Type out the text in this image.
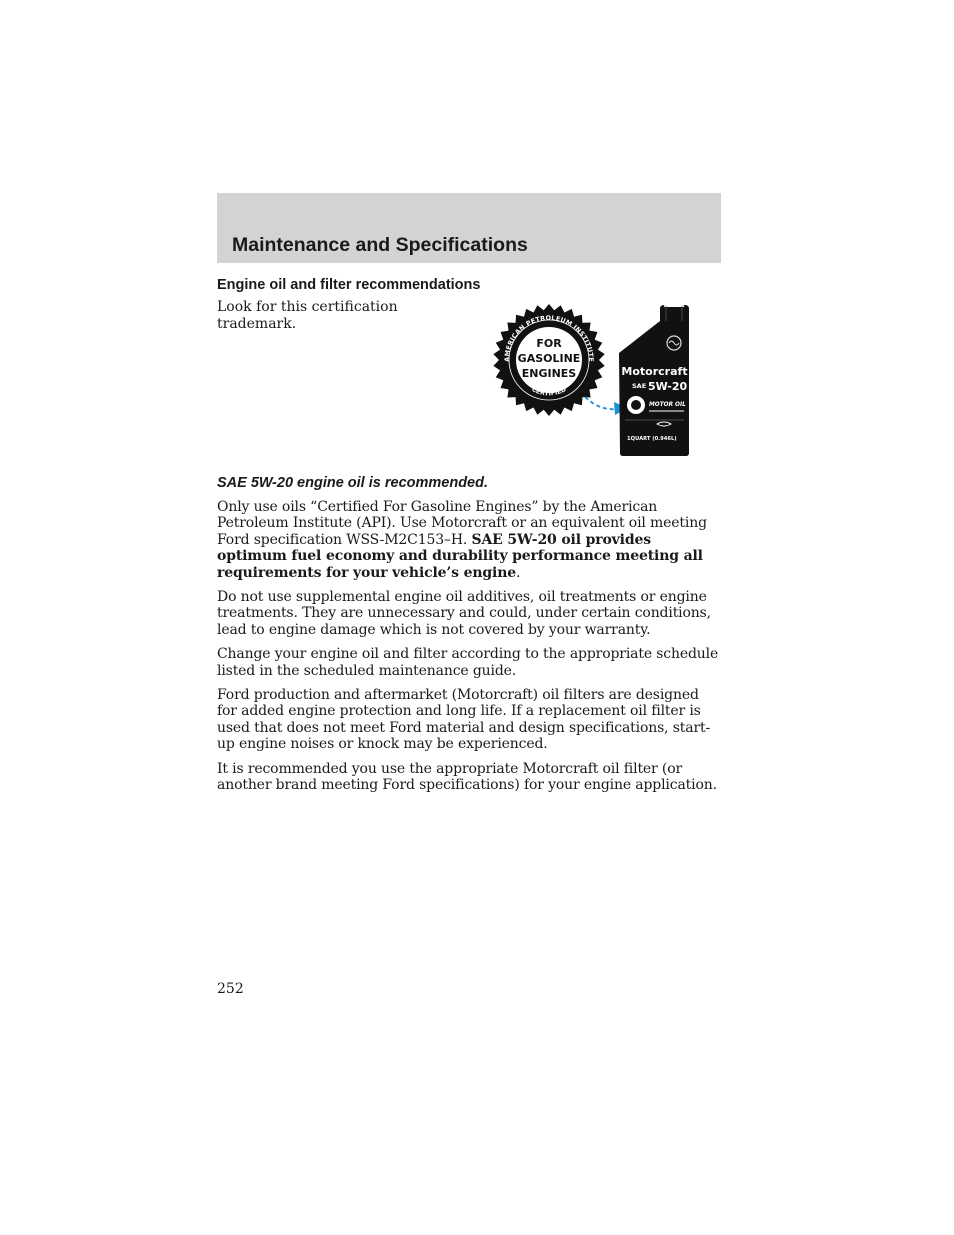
Maintenance and Specifications
Engine oil and filter recommendations

Look for this certification trademark.

AMERICAN PETROLEUM INSTITUTE
CERTIFIED
FOR
GASOLINE
ENGINES	Motorcraft
SAE 5W-20
MOTOR OIL
1QUART (0.946L)

SAE 5W-20 engine oil is recommended.

Only use oils “Certified For Gasoline Engines” by the American Petroleum Institute (API). Use Motorcraft or an equivalent oil meeting Ford specification WSS-M2C153–H. SAE 5W-20 oil provides optimum fuel economy and durability performance meeting all requirements for your vehicle’s engine.

Do not use supplemental engine oil additives, oil treatments or engine treatments. They are unnecessary and could, under certain conditions, lead to engine damage which is not covered by your warranty.

Change your engine oil and filter according to the appropriate schedule listed in the scheduled maintenance guide.

Ford production and aftermarket (Motorcraft) oil filters are designed for added engine protection and long life. If a replacement oil filter is used that does not meet Ford material and design specifications, start-up engine noises or knock may be experienced.

It is recommended you use the appropriate Motorcraft oil filter (or another brand meeting Ford specifications) for your engine application.

252
